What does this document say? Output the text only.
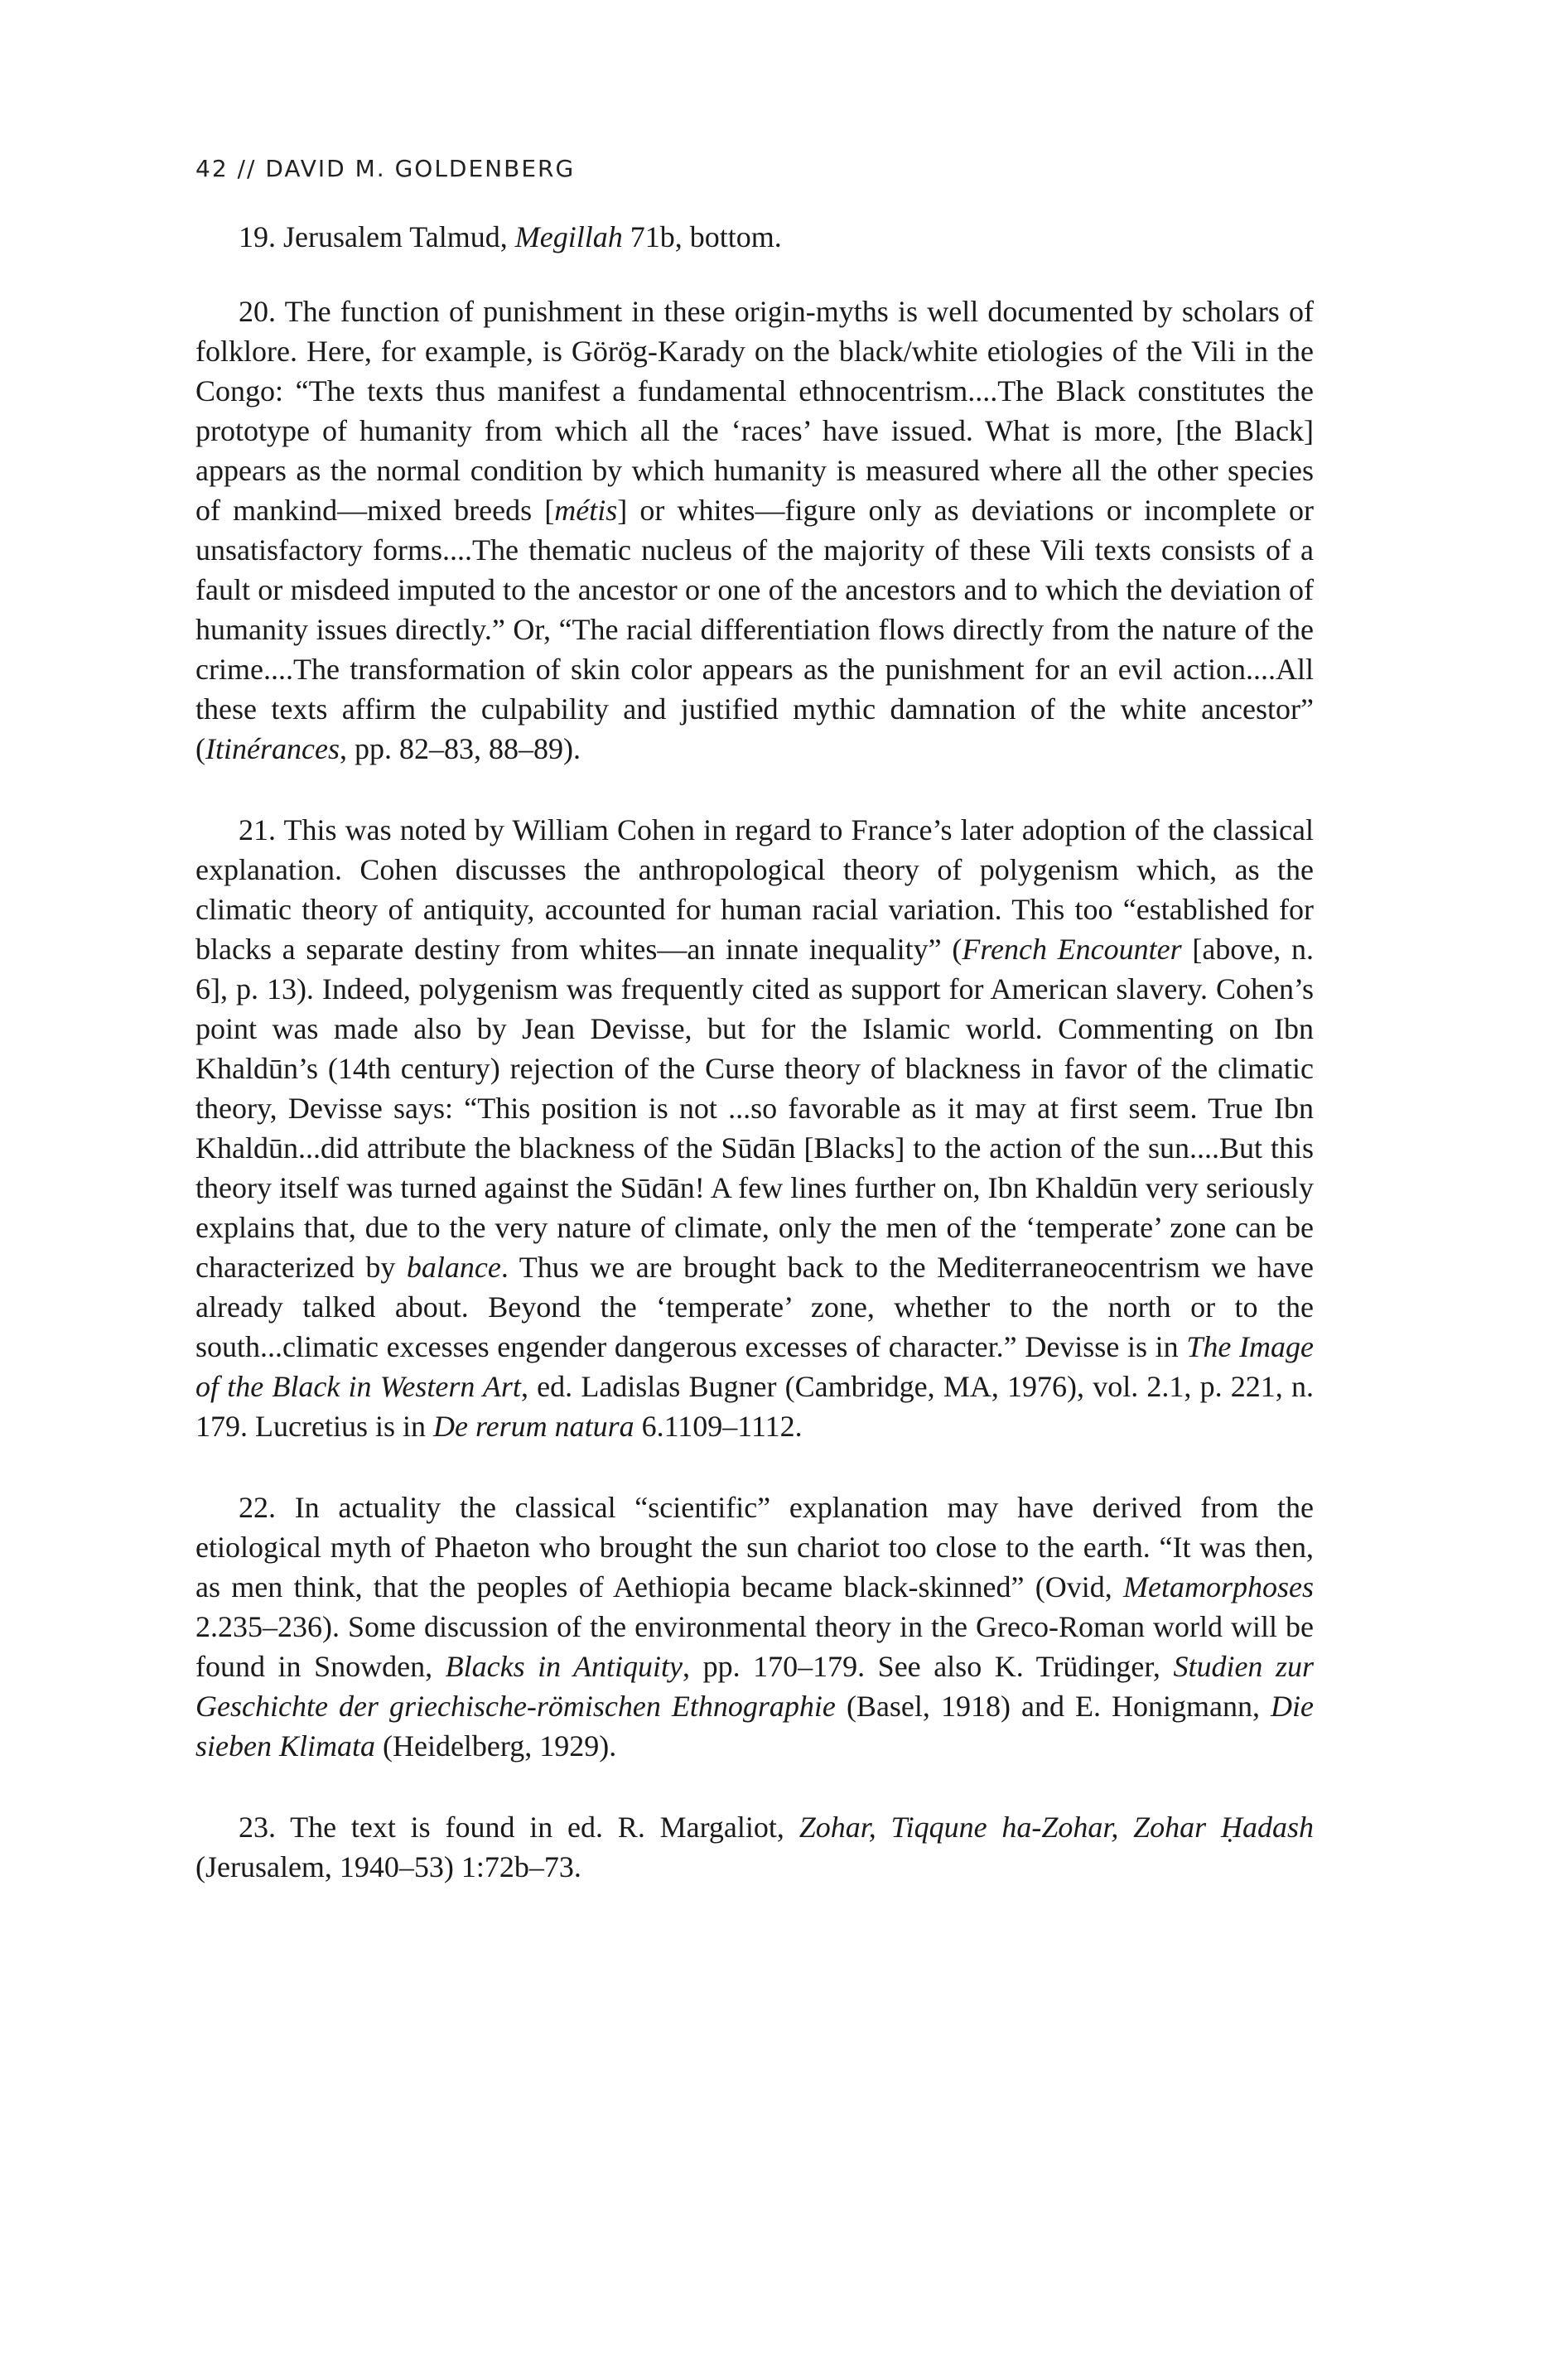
42 // DAVID M. GOLDENBERG

19. Jerusalem Talmud, Megillah 71b, bottom.

20. The function of punishment in these origin-myths is well documented by scholars of folklore. Here, for example, is Görög-Karady on the black/white etiologies of the Vili in the Congo: “The texts thus manifest a fundamental ethnocentrism....The Black constitutes the prototype of humanity from which all the ‘races’ have issued. What is more, [the Black] appears as the normal condition by which humanity is measured where all the other species of mankind—mixed breeds [métis] or whites—figure only as deviations or incomplete or unsatisfactory forms....The thematic nucleus of the majority of these Vili texts consists of a fault or misdeed imputed to the ancestor or one of the ancestors and to which the deviation of humanity issues directly.” Or, “The racial differentiation flows directly from the nature of the crime....The transformation of skin color appears as the punishment for an evil action....All these texts affirm the culpability and justified mythic damnation of the white ancestor” (Itinérances, pp. 82–83, 88–89).

21. This was noted by William Cohen in regard to France’s later adoption of the classical explanation. Cohen discusses the anthropological theory of polygenism which, as the climatic theory of antiquity, accounted for human racial variation. This too “established for blacks a separate destiny from whites—an innate inequality” (French Encounter [above, n. 6], p. 13). Indeed, polygenism was frequently cited as support for American slavery. Cohen’s point was made also by Jean Devisse, but for the Islamic world. Commenting on Ibn Khaldūn’s (14th century) rejection of the Curse theory of blackness in favor of the climatic theory, Devisse says: “This position is not ...so favorable as it may at first seem. True Ibn Khaldūn...did attribute the blackness of the Sūdān [Blacks] to the action of the sun....But this theory itself was turned against the Sūdān! A few lines further on, Ibn Khaldūn very seriously explains that, due to the very nature of climate, only the men of the ‘temperate’ zone can be characterized by balance. Thus we are brought back to the Mediterraneocentrism we have already talked about. Beyond the ‘temperate’ zone, whether to the north or to the south...climatic excesses engender dangerous excesses of character.” Devisse is in The Image of the Black in Western Art, ed. Ladislas Bugner (Cambridge, MA, 1976), vol. 2.1, p. 221, n. 179. Lucretius is in De rerum natura 6.1109–1112.

22. In actuality the classical “scientific” explanation may have derived from the etiological myth of Phaeton who brought the sun chariot too close to the earth. “It was then, as men think, that the peoples of Aethiopia became black-skinned” (Ovid, Metamorphoses 2.235–236). Some discussion of the environmental theory in the Greco-Roman world will be found in Snowden, Blacks in Antiquity, pp. 170–179. See also K. Trüdinger, Studien zur Geschichte der griechische-römischen Ethnographie (Basel, 1918) and E. Honigmann, Die sieben Klimata (Heidelberg, 1929).

23. The text is found in ed. R. Margaliot, Zohar, Tiqqune ha-Zohar, Zohar Ḥadash (Jerusalem, 1940–53) 1:72b–73.
